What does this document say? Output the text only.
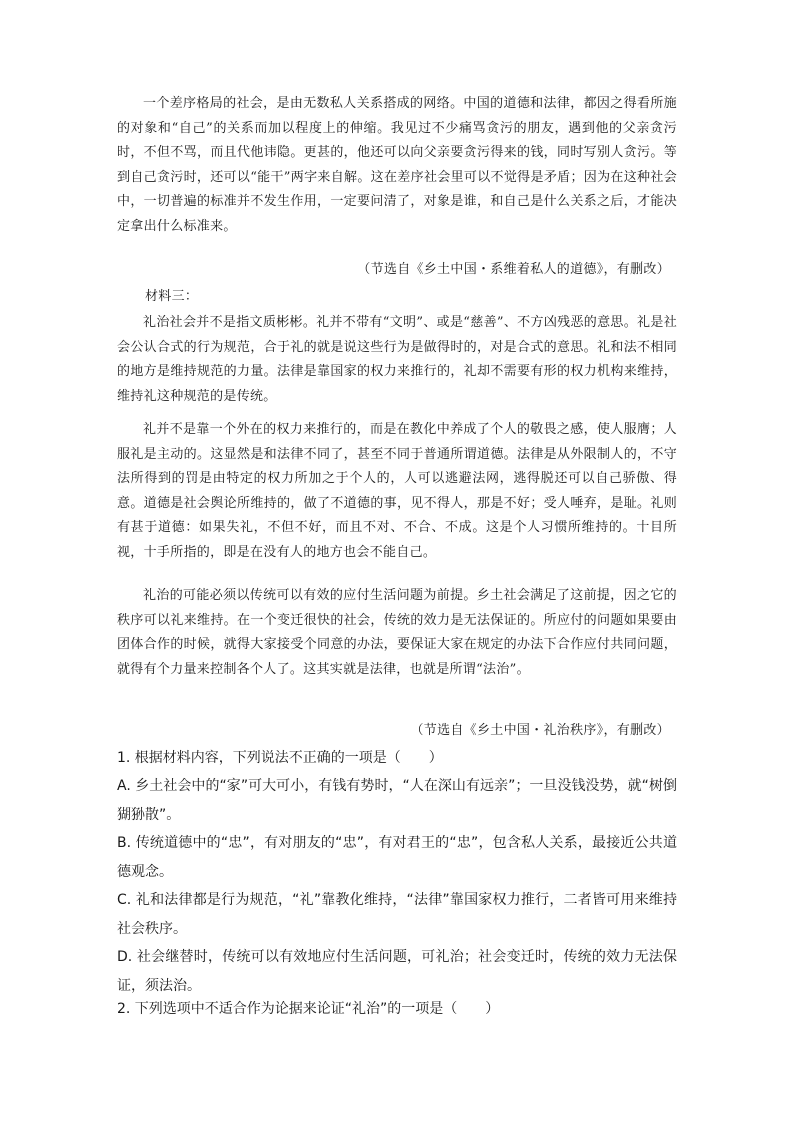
一个差序格局的社会，是由无数私人关系搭成的网络。中国的道德和法律，都因之得看所施的对象和“自己”的关系而加以程度上的伸缩。我见过不少痛骂贪污的朋友，遇到他的父亲贪污时，不但不骂，而且代他讳隐。更甚的，他还可以向父亲要贪污得来的钱，同时写别人贪污。等到自己贪污时，还可以“能干”两字来自解。这在差序社会里可以不觉得是矛盾；因为在这种社会中，一切普遍的标准并不发生作用，一定要问清了，对象是谁，和自己是什么关系之后，才能决定拿出什么标准来。

（节选自《乡土中国・系维着私人的道德》，有删改）

材料三：

礼治社会并不是指文质彬彬。礼并不带有“文明”、或是“慈善”、不方凶残恶的意思。礼是社会公认合式的行为规范，合于礼的就是说这些行为是做得时的，对是合式的意思。礼和法不相同的地方是维持规范的力量。法律是靠国家的权力来推行的，礼却不需要有形的权力机构来维持，维持礼这种规范的是传统。

礼并不是靠一个外在的权力来推行的，而是在教化中养成了个人的敬畏之感，使人服膺；人服礼是主动的。这显然是和法律不同了，甚至不同于普通所谓道德。法律是从外限制人的，不守法所得到的罚是由特定的权力所加之于个人的，人可以逃避法网，逃得脱还可以自己骄傲、得意。道德是社会舆论所维持的，做了不道德的事，见不得人，那是不好；受人唾弃，是耻。礼则有甚于道德：如果失礼，不但不好，而且不对、不合、不成。这是个人习惯所维持的。十目所视，十手所指的，即是在没有人的地方也会不能自己。

礼治的可能必须以传统可以有效的应付生活问题为前提。乡土社会满足了这前提，因之它的秩序可以礼来维持。在一个变迁很快的社会，传统的效力是无法保证的。所应付的问题如果要由团体合作的时候，就得大家接受个同意的办法，要保证大家在规定的办法下合作应付共同问题，就得有个力量来控制各个人了。这其实就是法律，也就是所谓“法治”。

（节选自《乡土中国・礼治秩序》，有删改）

1. 根据材料内容，下列说法不正确的一项是（　　）

A. 乡土社会中的“家”可大可小，有钱有势时，“人在深山有远亲”；一旦没钱没势，就“树倒猢狲散”。

B. 传统道德中的“忠”，有对朋友的“忠”，有对君王的“忠”，包含私人关系，最接近公共道德观念。

C. 礼和法律都是行为规范，“礼”靠教化维持，“法律”靠国家权力推行，二者皆可用来维持社会秩序。

D. 社会继替时，传统可以有效地应付生活问题，可礼治；社会变迁时，传统的效力无法保证，须法治。

2. 下列选项中不适合作为论据来论证“礼治”的一项是（　　）
